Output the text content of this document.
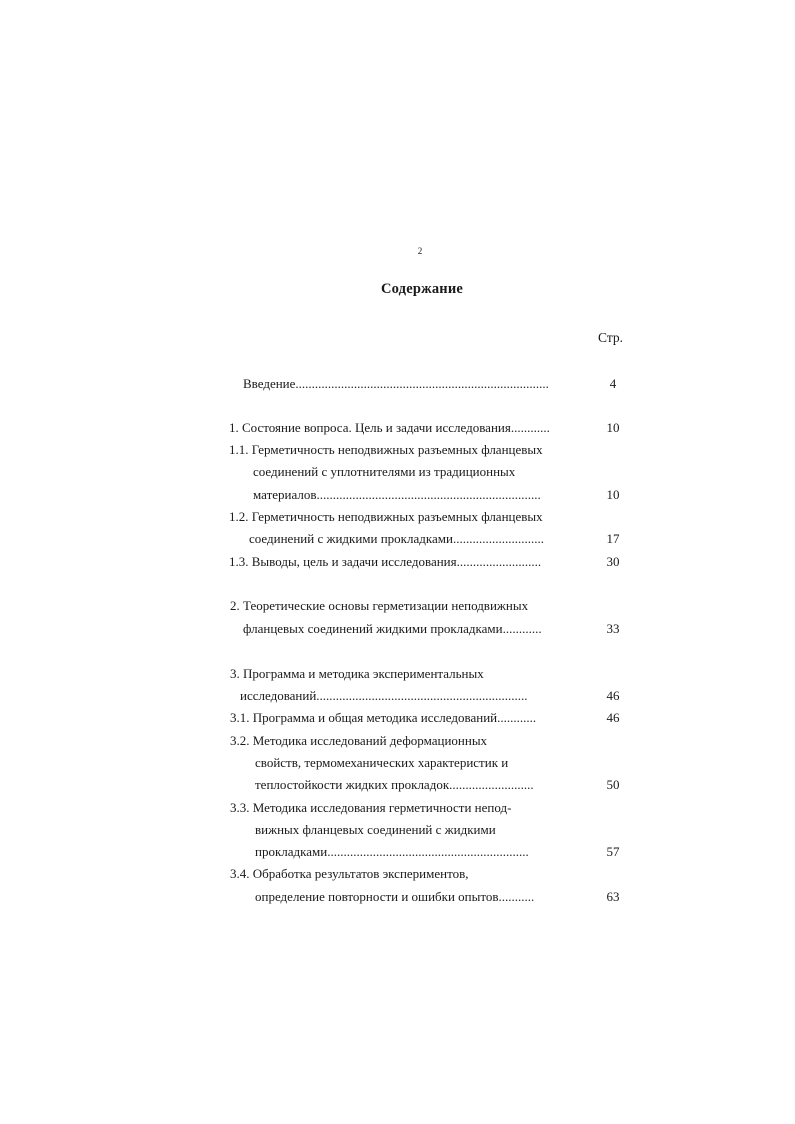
2
Содержание
Стр.
Введение..............................................................................	4
1. Состояние вопроса. Цель и задачи исследования............	10
1.1. Герметичность неподвижных разъемных фланцевых
соединений с уплотнителями из традиционных
материалов.....................................................................	10
1.2. Герметичность неподвижных разъемных фланцевых
соединений с жидкими прокладками............................	17
1.3. Выводы, цель и задачи исследования..........................	30
2. Теоретические основы герметизации неподвижных
фланцевых соединений жидкими прокладками............	33
3. Программа и методика экспериментальных
исследований.................................................................	46
3.1. Программа и общая методика исследований............	46
3.2. Методика исследований деформационных
свойств, термомеханических характеристик и
теплостойкости жидких прокладок..........................	50
3.3. Методика исследования герметичности непод-
вижных фланцевых соединений с жидкими
прокладками..............................................................	57
3.4. Обработка результатов экспериментов,
определение повторности и ошибки опытов...........	63
